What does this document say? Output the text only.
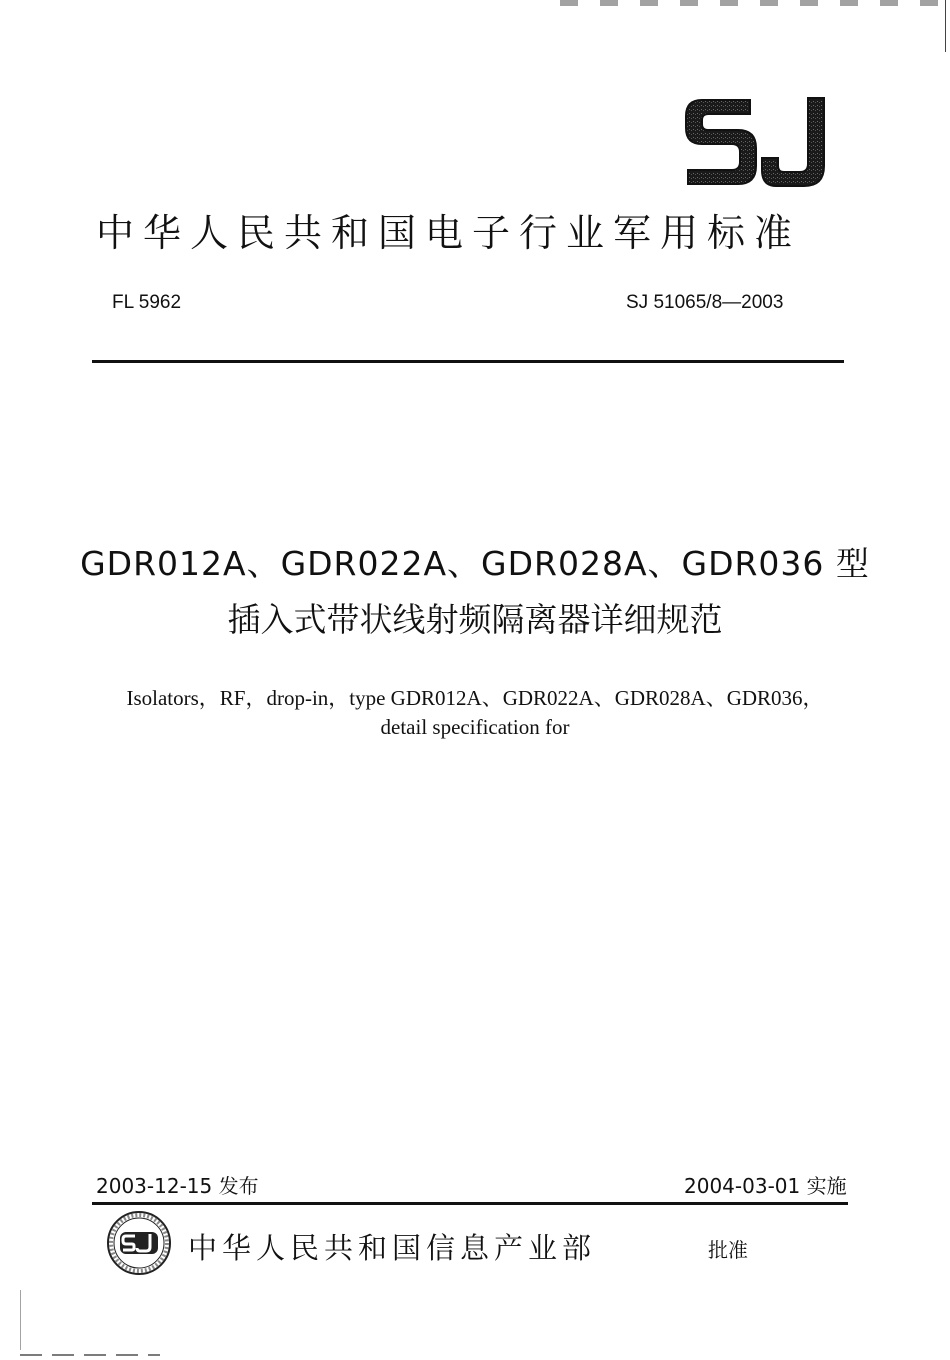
中华人民共和国电子行业军用标准
FL 5962	SJ 51065/8—2003
GDR012A、GDR022A、GDR028A、GDR036 型
插入式带状线射频隔离器详细规范
Isolators，RF，drop-in，type GDR012A、GDR022A、GDR028A、GDR036，
detail specification for
2003-12-15 发布	2004-03-01 实施
中华人民共和国信息产业部	批准
